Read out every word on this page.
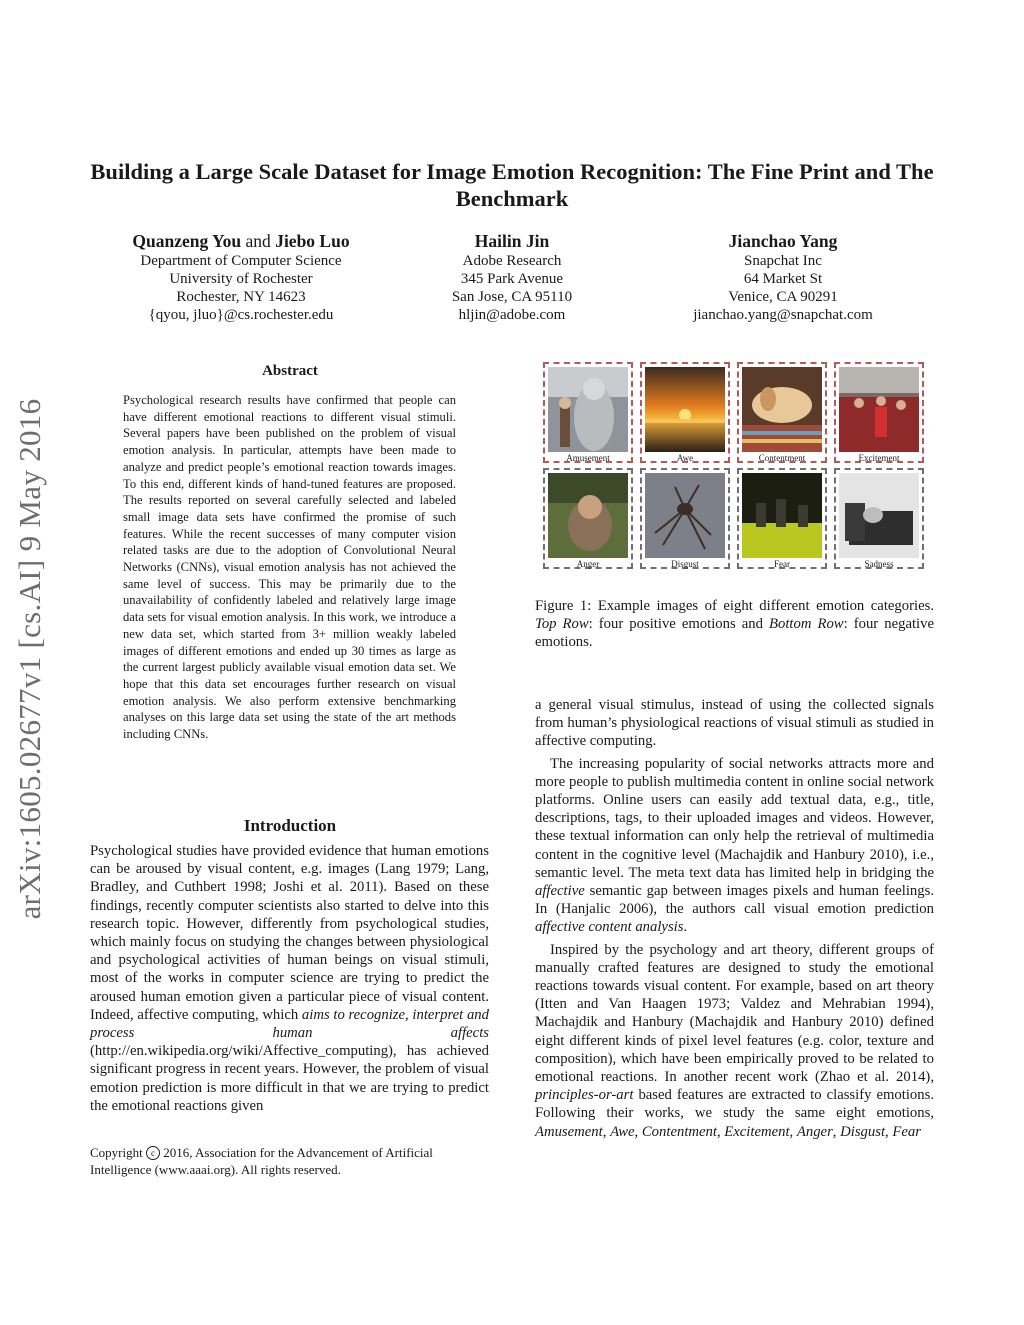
Building a Large Scale Dataset for Image Emotion Recognition: The Fine Print and The Benchmark
Quanzeng You and Jiebo Luo
Department of Computer Science
University of Rochester
Rochester, NY 14623
{qyou, jluo}@cs.rochester.edu
Hailin Jin
Adobe Research
345 Park Avenue
San Jose, CA 95110
hljin@adobe.com
Jianchao Yang
Snapchat Inc
64 Market St
Venice, CA 90291
jianchao.yang@snapchat.com
arXiv:1605.02677v1 [cs.AI] 9 May 2016
Abstract
Psychological research results have confirmed that people can have different emotional reactions to different visual stimuli. Several papers have been published on the problem of visual emotion analysis. In particular, attempts have been made to analyze and predict people’s emotional reaction towards images. To this end, different kinds of hand-tuned features are proposed. The results reported on several carefully selected and labeled small image data sets have confirmed the promise of such features. While the recent successes of many computer vision related tasks are due to the adoption of Convolutional Neural Networks (CNNs), visual emotion analysis has not achieved the same level of success. This may be primarily due to the unavailability of confidently labeled and relatively large image data sets for visual emotion analysis. In this work, we introduce a new data set, which started from 3+ million weakly labeled images of different emotions and ended up 30 times as large as the current largest publicly available visual emotion data set. We hope that this data set encourages further research on visual emotion analysis. We also perform extensive benchmarking analyses on this large data set using the state of the art methods including CNNs.
Introduction

Psychological studies have provided evidence that human emotions can be aroused by visual content, e.g. images (Lang 1979; Lang, Bradley, and Cuthbert 1998; Joshi et al. 2011). Based on these findings, recently computer scientists also started to delve into this research topic. However, differently from psychological studies, which mainly focus on studying the changes between physiological and psychological activities of human beings on visual stimuli, most of the works in computer science are trying to predict the aroused human emotion given a particular piece of visual content. Indeed, affective computing, which aims to recognize, interpret and process human affects (http://en.wikipedia.org/wiki/Affective_computing), has achieved significant progress in recent years. However, the problem of visual emotion prediction is more difficult in that we are trying to predict the emotional reactions given

Copyright c 2016, Association for the Advancement of Artificial Intelligence (www.aaai.org). All rights reserved.
Amusement	Awe	Contentment	Excitement
Anger	Disgust	Fear	Sadness
Figure 1: Example images of eight different emotion categories. Top Row: four positive emotions and Bottom Row: four negative emotions.

a general visual stimulus, instead of using the collected signals from human’s physiological reactions of visual stimuli as studied in affective computing.

The increasing popularity of social networks attracts more and more people to publish multimedia content in online social network platforms. Online users can easily add textual data, e.g., title, descriptions, tags, to their uploaded images and videos. However, these textual information can only help the retrieval of multimedia content in the cognitive level (Machajdik and Hanbury 2010), i.e., semantic level. The meta text data has limited help in bridging the affective semantic gap between images pixels and human feelings. In (Hanjalic 2006), the authors call visual emotion prediction affective content analysis.

Inspired by the psychology and art theory, different groups of manually crafted features are designed to study the emotional reactions towards visual content. For example, based on art theory (Itten and Van Haagen 1973; Valdez and Mehrabian 1994), Machajdik and Hanbury (Machajdik and Hanbury 2010) defined eight different kinds of pixel level features (e.g. color, texture and composition), which have been empirically proved to be related to emotional reactions. In another recent work (Zhao et al. 2014), principles-or-art based features are extracted to classify emotions. Following their works, we study the same eight emotions, Amusement, Awe, Contentment, Excitement, Anger, Disgust, Fear
